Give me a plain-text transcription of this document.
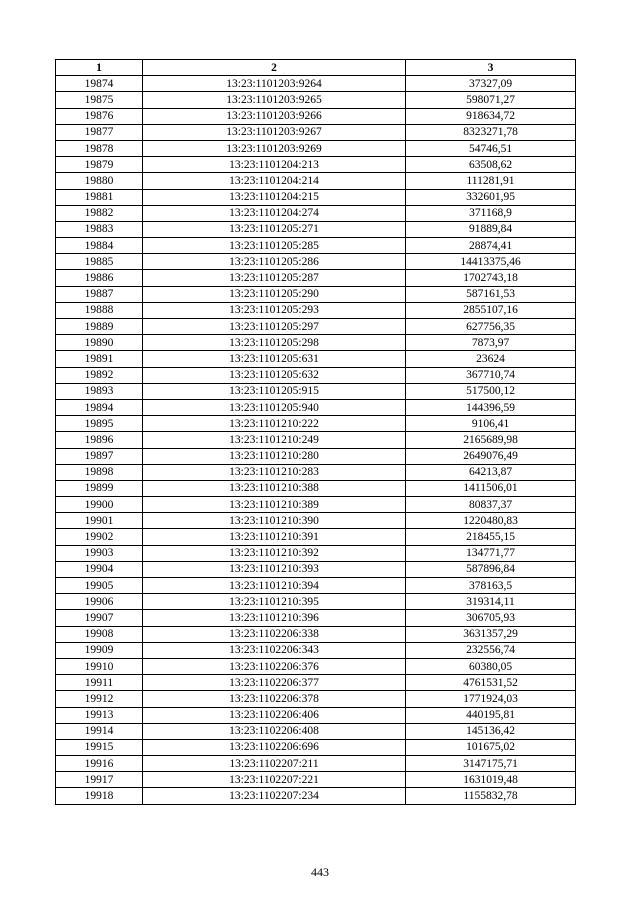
1	2	3
19874	13:23:1101203:9264	37327,09
19875	13:23:1101203:9265	598071,27
19876	13:23:1101203:9266	918634,72
19877	13:23:1101203:9267	8323271,78
19878	13:23:1101203:9269	54746,51
19879	13:23:1101204:213	63508,62
19880	13:23:1101204:214	111281,91
19881	13:23:1101204:215	332601,95
19882	13:23:1101204:274	371168,9
19883	13:23:1101205:271	91889,84
19884	13:23:1101205:285	28874,41
19885	13:23:1101205:286	14413375,46
19886	13:23:1101205:287	1702743,18
19887	13:23:1101205:290	587161,53
19888	13:23:1101205:293	2855107,16
19889	13:23:1101205:297	627756,35
19890	13:23:1101205:298	7873,97
19891	13:23:1101205:631	23624
19892	13:23:1101205:632	367710,74
19893	13:23:1101205:915	517500,12
19894	13:23:1101205:940	144396,59
19895	13:23:1101210:222	9106,41
19896	13:23:1101210:249	2165689,98
19897	13:23:1101210:280	2649076,49
19898	13:23:1101210:283	64213,87
19899	13:23:1101210:388	1411506,01
19900	13:23:1101210:389	80837,37
19901	13:23:1101210:390	1220480,83
19902	13:23:1101210:391	218455,15
19903	13:23:1101210:392	134771,77
19904	13:23:1101210:393	587896,84
19905	13:23:1101210:394	378163,5
19906	13:23:1101210:395	319314,11
19907	13:23:1101210:396	306705,93
19908	13:23:1102206:338	3631357,29
19909	13:23:1102206:343	232556,74
19910	13:23:1102206:376	60380,05
19911	13:23:1102206:377	4761531,52
19912	13:23:1102206:378	1771924,03
19913	13:23:1102206:406	440195,81
19914	13:23:1102206:408	145136,42
19915	13:23:1102206:696	101675,02
19916	13:23:1102207:211	3147175,71
19917	13:23:1102207:221	1631019,48
19918	13:23:1102207:234	1155832,78
443
